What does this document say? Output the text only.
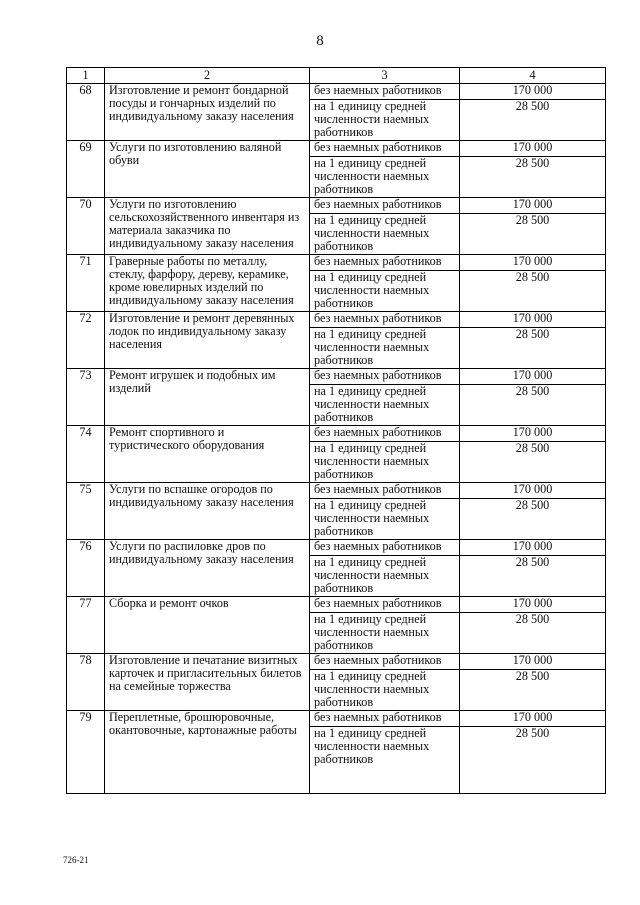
8
1	2	3	4
68	Изготовление и ремонт бондарной посуды и гончарных изделий по индивидуальному заказу населения	без наемных работников	170 000
		на 1 единицу средней численности наемных работников	28 500
69	Услуги по изготовлению валяной обуви	без наемных работников	170 000
		на 1 единицу средней численности наемных работников	28 500
70	Услуги по изготовлению сельскохозяйственного инвентаря из материала заказчика по индивидуальному заказу населения	без наемных работников	170 000
		на 1 единицу средней численности наемных работников	28 500
71	Граверные работы по металлу, стеклу, фарфору, дереву, керамике, кроме ювелирных изделий по индивидуальному заказу населения	без наемных работников	170 000
		на 1 единицу средней численности наемных работников	28 500
72	Изготовление и ремонт деревянных лодок по индивидуальному заказу населения	без наемных работников	170 000
		на 1 единицу средней численности наемных работников	28 500
73	Ремонт игрушек и подобных им изделий	без наемных работников	170 000
		на 1 единицу средней численности наемных работников	28 500
74	Ремонт спортивного и туристического оборудования	без наемных работников	170 000
		на 1 единицу средней численности наемных работников	28 500
75	Услуги по вспашке огородов по индивидуальному заказу населения	без наемных работников	170 000
		на 1 единицу средней численности наемных работников	28 500
76	Услуги по распиловке дров по индивидуальному заказу населения	без наемных работников	170 000
		на 1 единицу средней численности наемных работников	28 500
77	Сборка и ремонт очков	без наемных работников	170 000
		на 1 единицу средней численности наемных работников	28 500
78	Изготовление и печатание визитных карточек и пригласительных билетов на семейные торжества	без наемных работников	170 000
		на 1 единицу средней численности наемных работников	28 500
79	Переплетные, брошюровочные, окантовочные, картонажные работы	без наемных работников	170 000
		на 1 единицу средней численности наемных работников	28 500
726-21
